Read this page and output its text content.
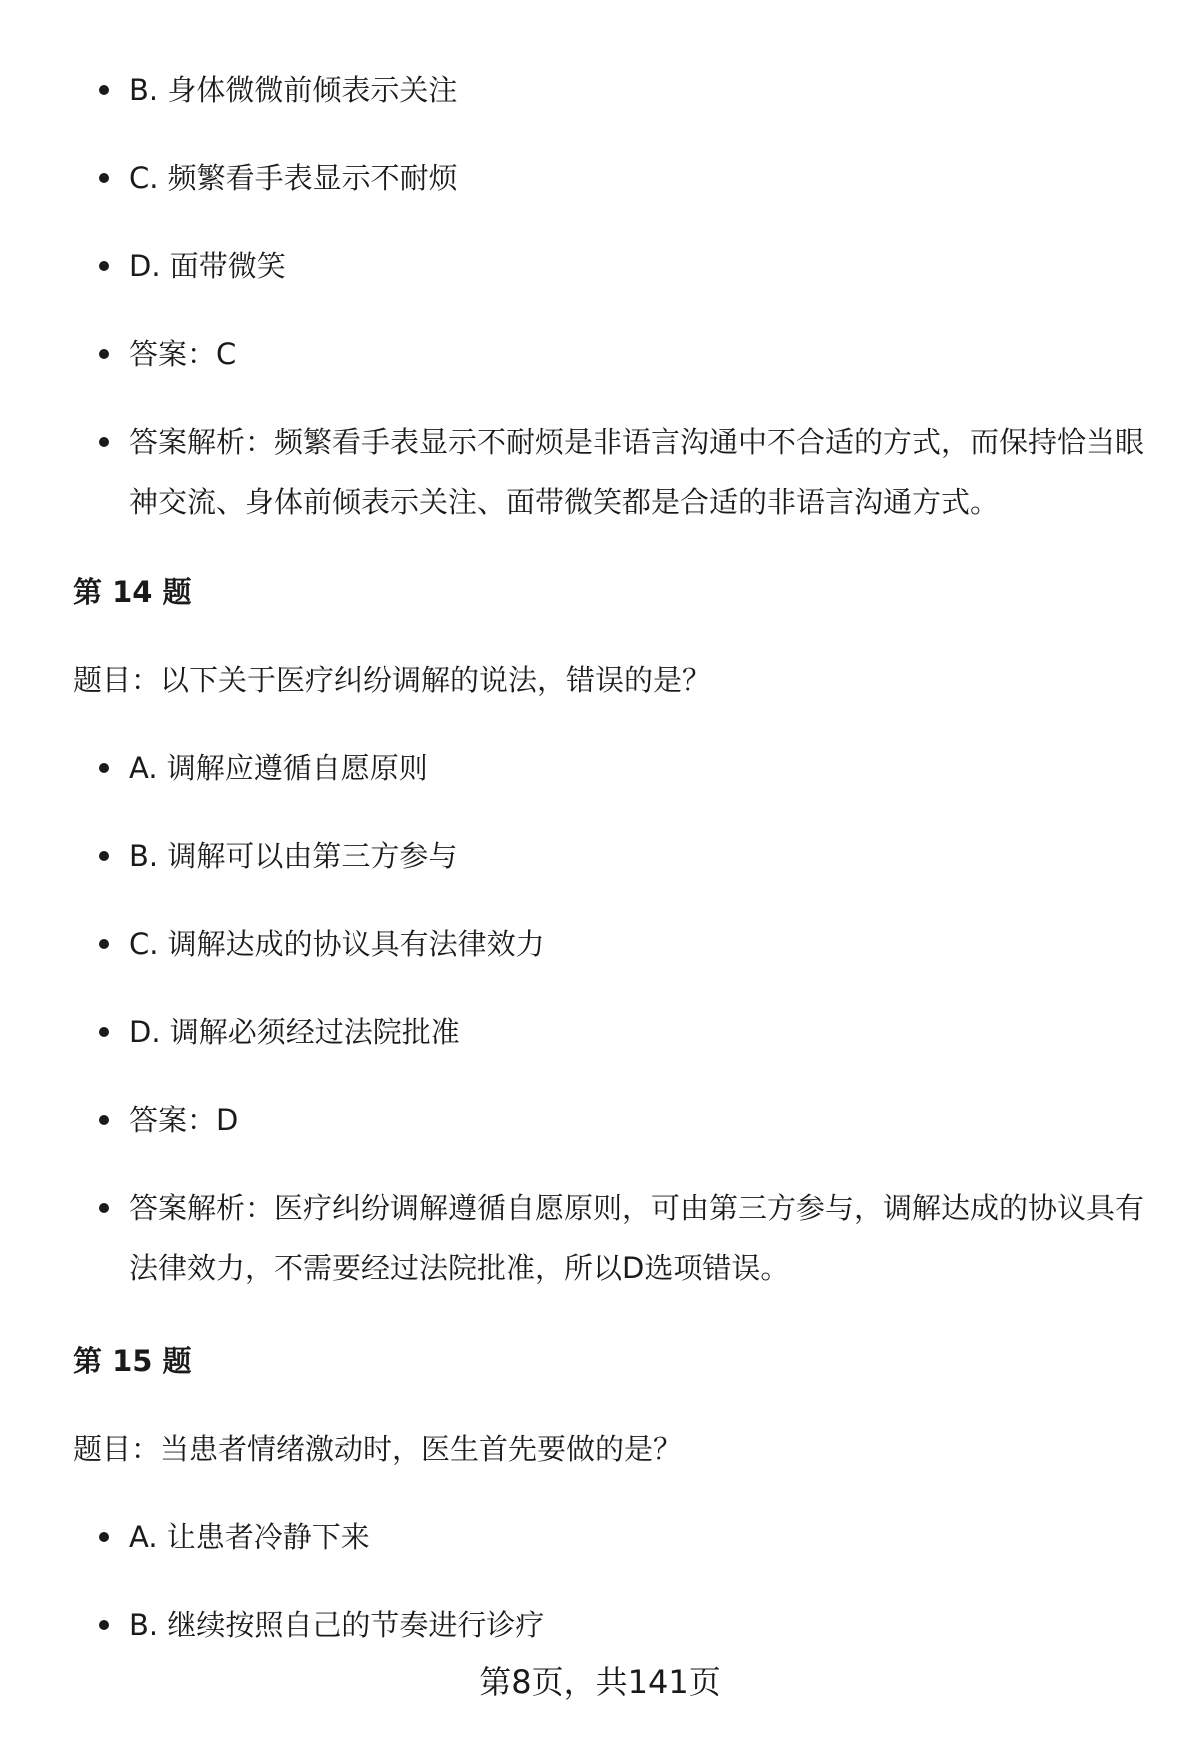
B. 身体微微前倾表示关注
C. 频繁看手表显示不耐烦
D. 面带微笑
答案：C
答案解析：频繁看手表显示不耐烦是非语言沟通中不合适的方式，而保持恰当眼神交流、身体前倾表示关注、面带微笑都是合适的非语言沟通方式。
第 14 题
题目：以下关于医疗纠纷调解的说法，错误的是？
A. 调解应遵循自愿原则
B. 调解可以由第三方参与
C. 调解达成的协议具有法律效力
D. 调解必须经过法院批准
答案：D
答案解析：医疗纠纷调解遵循自愿原则，可由第三方参与，调解达成的协议具有法律效力，不需要经过法院批准，所以D选项错误。
第 15 题
题目：当患者情绪激动时，医生首先要做的是？
A. 让患者冷静下来
B. 继续按照自己的节奏进行诊疗
第8页，共141页
